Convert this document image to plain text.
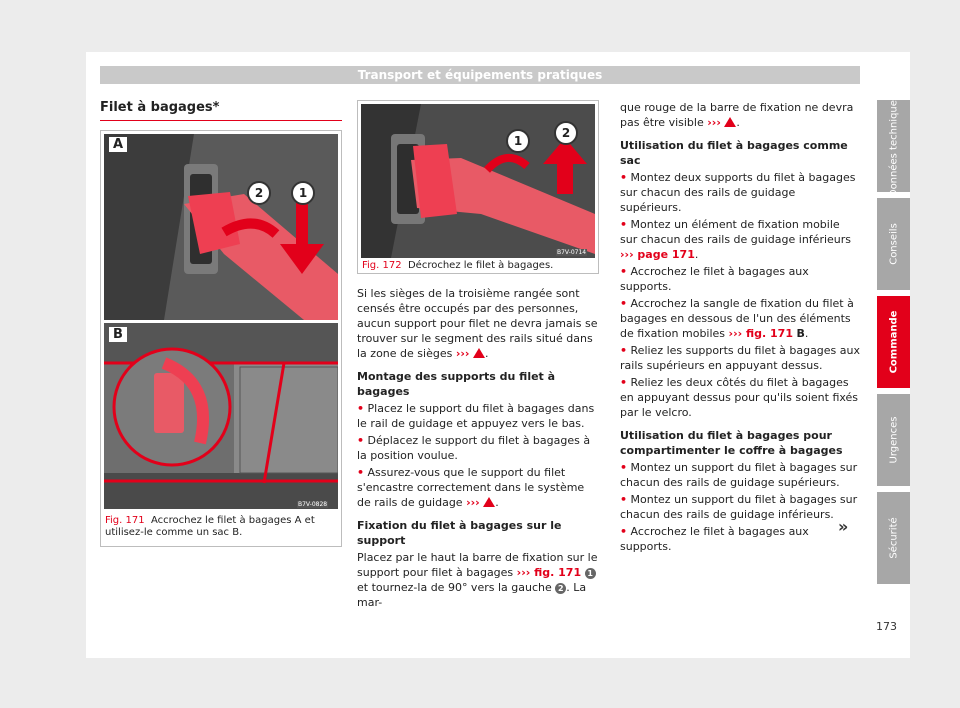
Transport et équipements pratiques
Filet à bagages*
A
2	1
B
B7V-0828
Fig. 171 Accrochez le filet à bagages A et utilisez-le comme un sac B.
1
2
B7V-0714
Fig. 172 Décrochez le filet à bagages.

Si les sièges de la troisième rangée sont censés être occupés par des personnes, aucun support pour filet ne devra jamais se trouver sur le segment des rails situé dans la zone de sièges ››› .

Montage des supports du filet à bagages
• Placez le support du filet à bagages dans le rail de guidage et appuyez vers le bas.
• Déplacez le support du filet à bagages à la position voulue.
• Assurez-vous que le support du filet s'encastre correctement dans le système de rails de guidage ››› .
Fixation du filet à bagages sur le support
Placez par le haut la barre de fixation sur le support pour filet à bagages ››› fig. 171 1 et tournez-la de 90° vers la gauche 2 . La mar-

que rouge de la barre de fixation ne devra pas être visible ››› .

Utilisation du filet à bagages comme sac
• Montez deux supports du filet à bagages sur chacun des rails de guidage supérieurs.
• Montez un élément de fixation mobile sur chacun des rails de guidage inférieurs ››› page 171.
• Accrochez le filet à bagages aux supports.
• Accrochez la sangle de fixation du filet à bagages en dessous de l'un des éléments de fixation mobiles ››› fig. 171 B.
• Reliez les supports du filet à bagages aux rails supérieurs en appuyant dessus.
• Reliez les deux côtés du filet à bagages en appuyant dessus pour qu'ils soient fixés par le velcro.
Utilisation du filet à bagages pour compartimenter le coffre à bagages
• Montez un support du filet à bagages sur chacun des rails de guidage supérieurs.
• Montez un support du filet à bagages sur chacun des rails de guidage inférieurs.
• Accrochez le filet à bagages aux supports.
»
Données techniques
Conseils
Commande
Urgences
Sécurité
173
